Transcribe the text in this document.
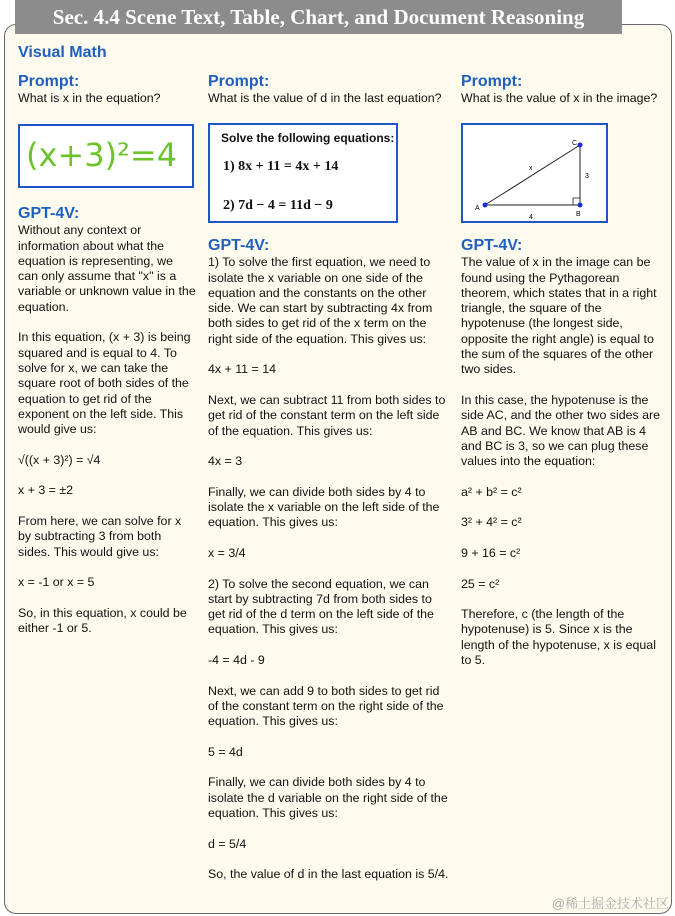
Sec. 4.4 Scene Text, Table, Chart, and Document Reasoning
Visual Math
Prompt:
What is x in the equation?
(x+3)²=4
GPT-4V:
Without any context or information about what the equation is representing, we can only assume that "x" is a variable or unknown value in the equation.
In this equation, (x + 3) is being squared and is equal to 4. To solve for x, we can take the square root of both sides of the equation to get rid of the exponent on the left side. This would give us:
√((x + 3)²) = √4
x + 3 = ±2
From here, we can solve for x by subtracting 3 from both sides. This would give us:
x = -1 or x = 5
So, in this equation, x could be either -1 or 5.
Prompt:
What is the value of d in the last equation?
Solve the following equations:
1) 8x + 11 = 4x + 14
2) 7d − 4 = 11d − 9
GPT-4V:
1) To solve the first equation, we need to isolate the x variable on one side of the equation and the constants on the other side. We can start by subtracting 4x from both sides to get rid of the x term on the right side of the equation. This gives us:
4x + 11 = 14
Next, we can subtract 11 from both sides to get rid of the constant term on the left side of the equation. This gives us:
4x = 3
Finally, we can divide both sides by 4 to isolate the x variable on the left side of the equation. This gives us:
x = 3/4
2) To solve the second equation, we can start by subtracting 7d from both sides to get rid of the d term on the left side of the equation. This gives us:
-4 = 4d - 9
Next, we can add 9 to both sides to get rid of the constant term on the right side of the equation. This gives us:
5 = 4d
Finally, we can divide both sides by 4 to isolate the d variable on the right side of the equation. This gives us:
d = 5/4
So, the value of d in the last equation is 5/4.
Prompt:
What is the value of x in the image?
A
B
C
x
3
4
GPT-4V:
The value of x in the image can be found using the Pythagorean theorem, which states that in a right triangle, the square of the hypotenuse (the longest side, opposite the right angle) is equal to the sum of the squares of the other two sides.
In this case, the hypotenuse is the side AC, and the other two sides are AB and BC. We know that AB is 4 and BC is 3, so we can plug these values into the equation:
a² + b² = c²
3² + 4² = c²
9 + 16 = c²
25 = c²
Therefore, c (the length of the hypotenuse) is 5. Since x is the length of the hypotenuse, x is equal to 5.
@稀土掘金技术社区
